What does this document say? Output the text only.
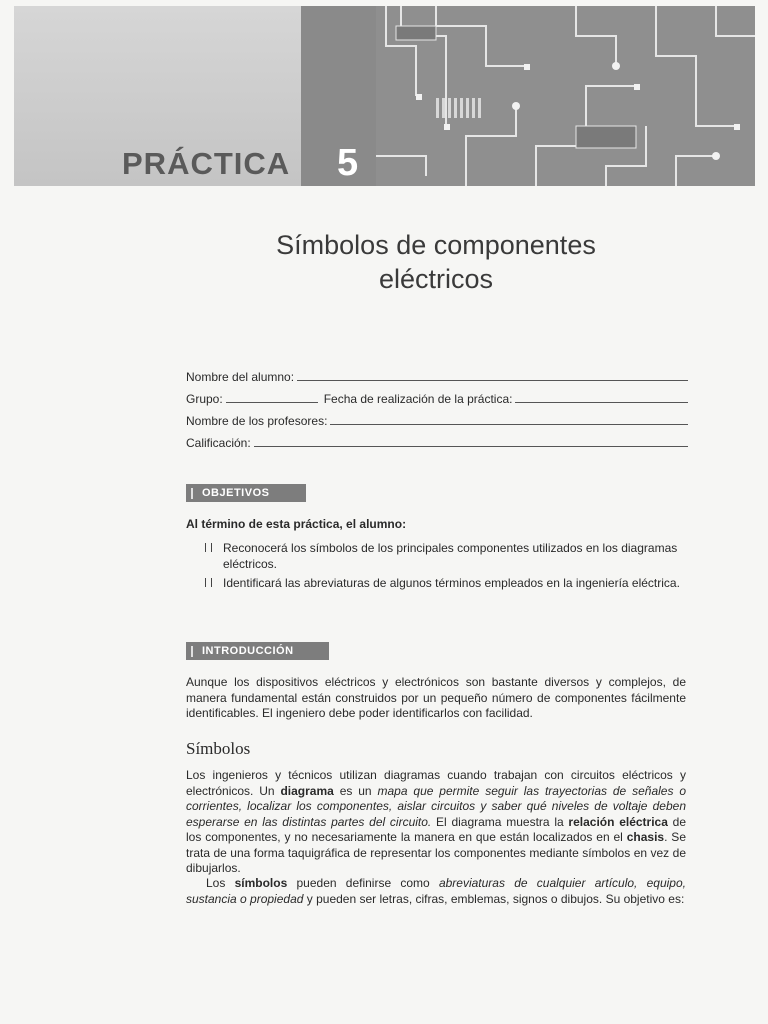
PRÁCTICA 5
Símbolos de componentes
eléctricos
Nombre del alumno:
Grupo:	Fecha de realización de la práctica:
Nombre de los profesores:
Calificación:
OBJETIVOS
Al término de esta práctica, el alumno:
Reconocerá los símbolos de los principales componentes utilizados en los diagramas eléctricos.
Identificará las abreviaturas de algunos términos empleados en la ingeniería eléctrica.
INTRODUCCIÓN

Aunque los dispositivos eléctricos y electrónicos son bastante diversos y complejos, de manera fundamental están construidos por un pequeño número de componentes fácilmente identificables. El ingeniero debe poder identificarlos con facilidad.

Símbolos

Los ingenieros y técnicos utilizan diagramas cuando trabajan con circuitos eléctricos y electrónicos. Un diagrama es un mapa que permite seguir las trayectorias de señales o corrientes, localizar los componentes, aislar circuitos y saber qué niveles de voltaje deben esperarse en las distintas partes del circuito. El diagrama muestra la relación eléctrica de los componentes, y no necesariamente la manera en que están localizados en el chasis. Se trata de una forma taquigráfica de representar los componentes mediante símbolos en vez de dibujarlos.

Los símbolos pueden definirse como abreviaturas de cualquier artículo, equipo, sustancia o propiedad y pueden ser letras, cifras, emblemas, signos o dibujos. Su objetivo es:
